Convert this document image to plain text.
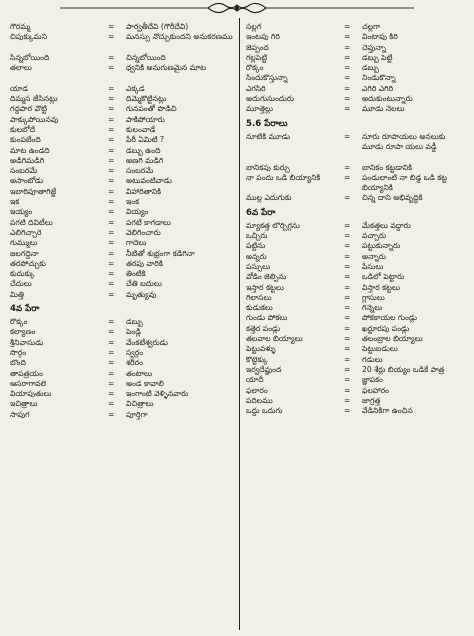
గౌరమ్మ	=	పార్వతీదేవి (గౌరీదేవి)
చిపుక్కుమని	=	మనస్సు నొచ్చుకుందని అనుకరణము
సిన్నబోయింది	=	చిన్నబోయింది
తలాలు	=	ధ్వనికి అనుగుణమైన మాట
యాడ	=	ఎక్కడ
దిమ్మస జేసినట్లు	=	దిమ్మెకొట్టినట్లు
గద్దపార వొట్టి	=	గునపంతో పొడిచి
పాక్కుపోయినవు	=	పాకిపోయారు
కులబోదే	=	కులంవాడే
కుంపబేంది	=	పేరీ ఏమిటి ?
మాట ఉండది	=	డబ్బు ఉంది
అడిగిమడిగి	=	అణగి మడిగి
సంబరమే	=	సంబరమే
అసాంబోడు	=	అటువంటివాడు
ఇబారిపూతాగిజ్జే	=	విహారితానికి
ఇక	=	ఇంక
ఇయ్యం	=	వియ్యం
పగటి దివిటీలు	=	పగటే కాగడాలు
ఎలిగిచ్చారె	=	వెలిగించారు
గుమ్ములు	=	గాదెలు
జలగద్దినా	=	నీటితో శుభ్రంగా కడిగినా
తరపోచ్చుకు	=	తరపు వారికి
కుదుక్కు	=	తింటికి
చేదులు	=	చేతి బదులు
మిత్తి	=	మృత్యువు
4వ పేరా
రొక్కం	=	డబ్బు
కల్యాణం	=	పెండ్లి
శ్రీనివాసుడు	=	వేంకటేశ్వరుడు
సొర్గం	=	స్వర్గం
బొంది	=	శరీరం
తాపత్రయం	=	తంటాలు
ఆసరాగావలె	=	అండ కావాలి
వియాపుతులు	=	ఇంగాంటి వెళ్ళినవారు
ఇచిత్రాలు	=	విచిత్రాలు
సాపుగ	=	పూర్తిగా
సల్లగ	=	చల్లగా
ఇంటపు గిరి	=	వింటాపు కిరి
జెప్పంద	=	చెప్తున్నా
గల్లపెట్టి	=	డబ్బు పెట్టి
రొక్కం	=	డబ్బు
సిందుకొస్తున్నా	=	నిండుకొన్నా
ఎగసిరి	=	ఎగిరి ఎగిరి
అదుగుసుందురు	=	అదుకుంటున్నారు
మూత్తెల్లు	=	మూడు నెలలు
5.6 పేరాలు
నూటికి మూడు	=	నూరు రూపాయలు అనలుకు మూడు రూపా యలు వడ్డీ
బానికపు కుర్చు	=	బానికం కట్టడానికి
నా పందు ఒడి బియ్యానికి	=	పండులాంటి నా బిడ్డ ఒడి కట్ట బియ్యానికి
ముల్ల ఎదుగుకు	=	చిన్న దాని అభివృద్ధికి
6వ పేరా
మ్యాకత్త లొర్చిగ్గను	=	మేకత్తలు వద్దారు
ఒచ్చిరు	=	వచ్చారు
పట్టిను	=	పట్టుకున్నారు
అన్నరు	=	అన్నారు
పస్సులు	=	పేసులు
వోడిం జెల్పిను	=	ఒడిలో పెట్టారు
ఇస్తార కట్టలు	=	విస్తార కట్టలు
గిలాసలు	=	గ్లాసులు
కుడుకలు	=	గిన్నెలు
గుండు పోకలు	=	పోకకాయల గుండ్లు
కత్తెర పండ్లు	=	ఖర్జూరపు పండ్లు
తలవాల బియ్యాలు	=	తలంబ్రాల బియ్యాలు
పెట్టువళ్ళు	=	పెట్టుబడులు
కొట్టెక్కు	=	గడులు
ఇర్వదేవ్జుంద	=	20 శేర్లు బియ్యం ఒడికే పాత్ర
యాదీ	=	జ్ఞాపకం
ఫలారం	=	ఫలహారం
పదిలము	=	జాగ్రత్త
ఒద్దు ఒదుగు	=	వేడినికిగా ఉంచిన
